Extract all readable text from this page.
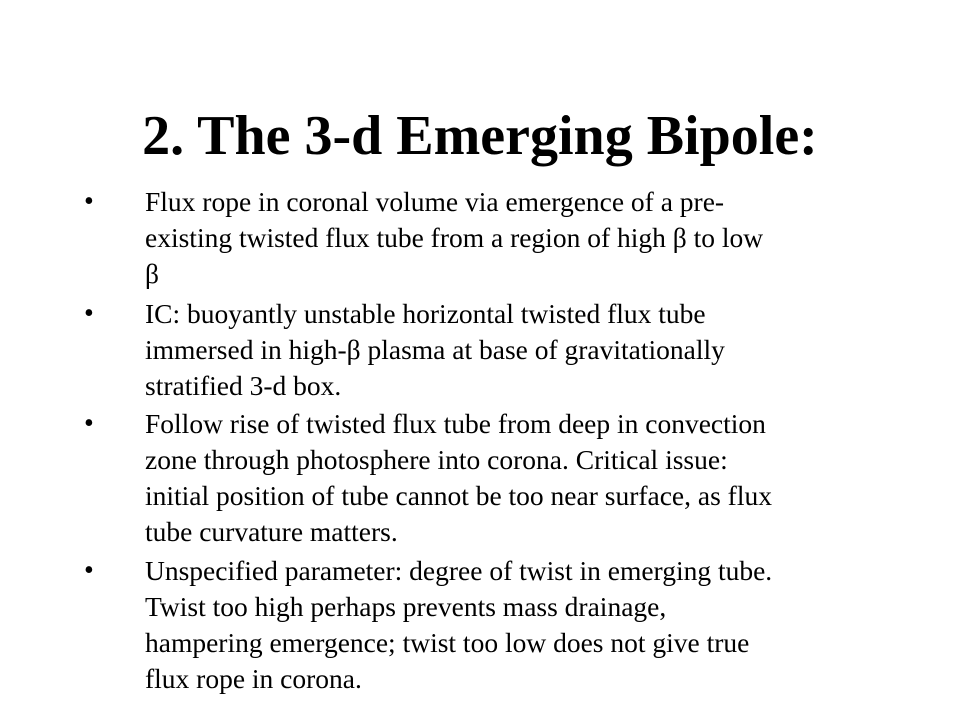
2. The 3-d Emerging Bipole:
• Flux rope in coronal volume via emergence of a pre-
existing twisted flux tube from a region of high β to low
β
• IC: buoyantly unstable horizontal twisted flux tube
immersed in high-β plasma at base of gravitationally
stratified 3-d box.
• Follow rise of twisted flux tube from deep in convection
zone through photosphere into corona. Critical issue:
initial position of tube cannot be too near surface, as flux
tube curvature matters.
• Unspecified parameter: degree of twist in emerging tube.
Twist too high perhaps prevents mass drainage,
hampering emergence; twist too low does not give true
flux rope in corona.
